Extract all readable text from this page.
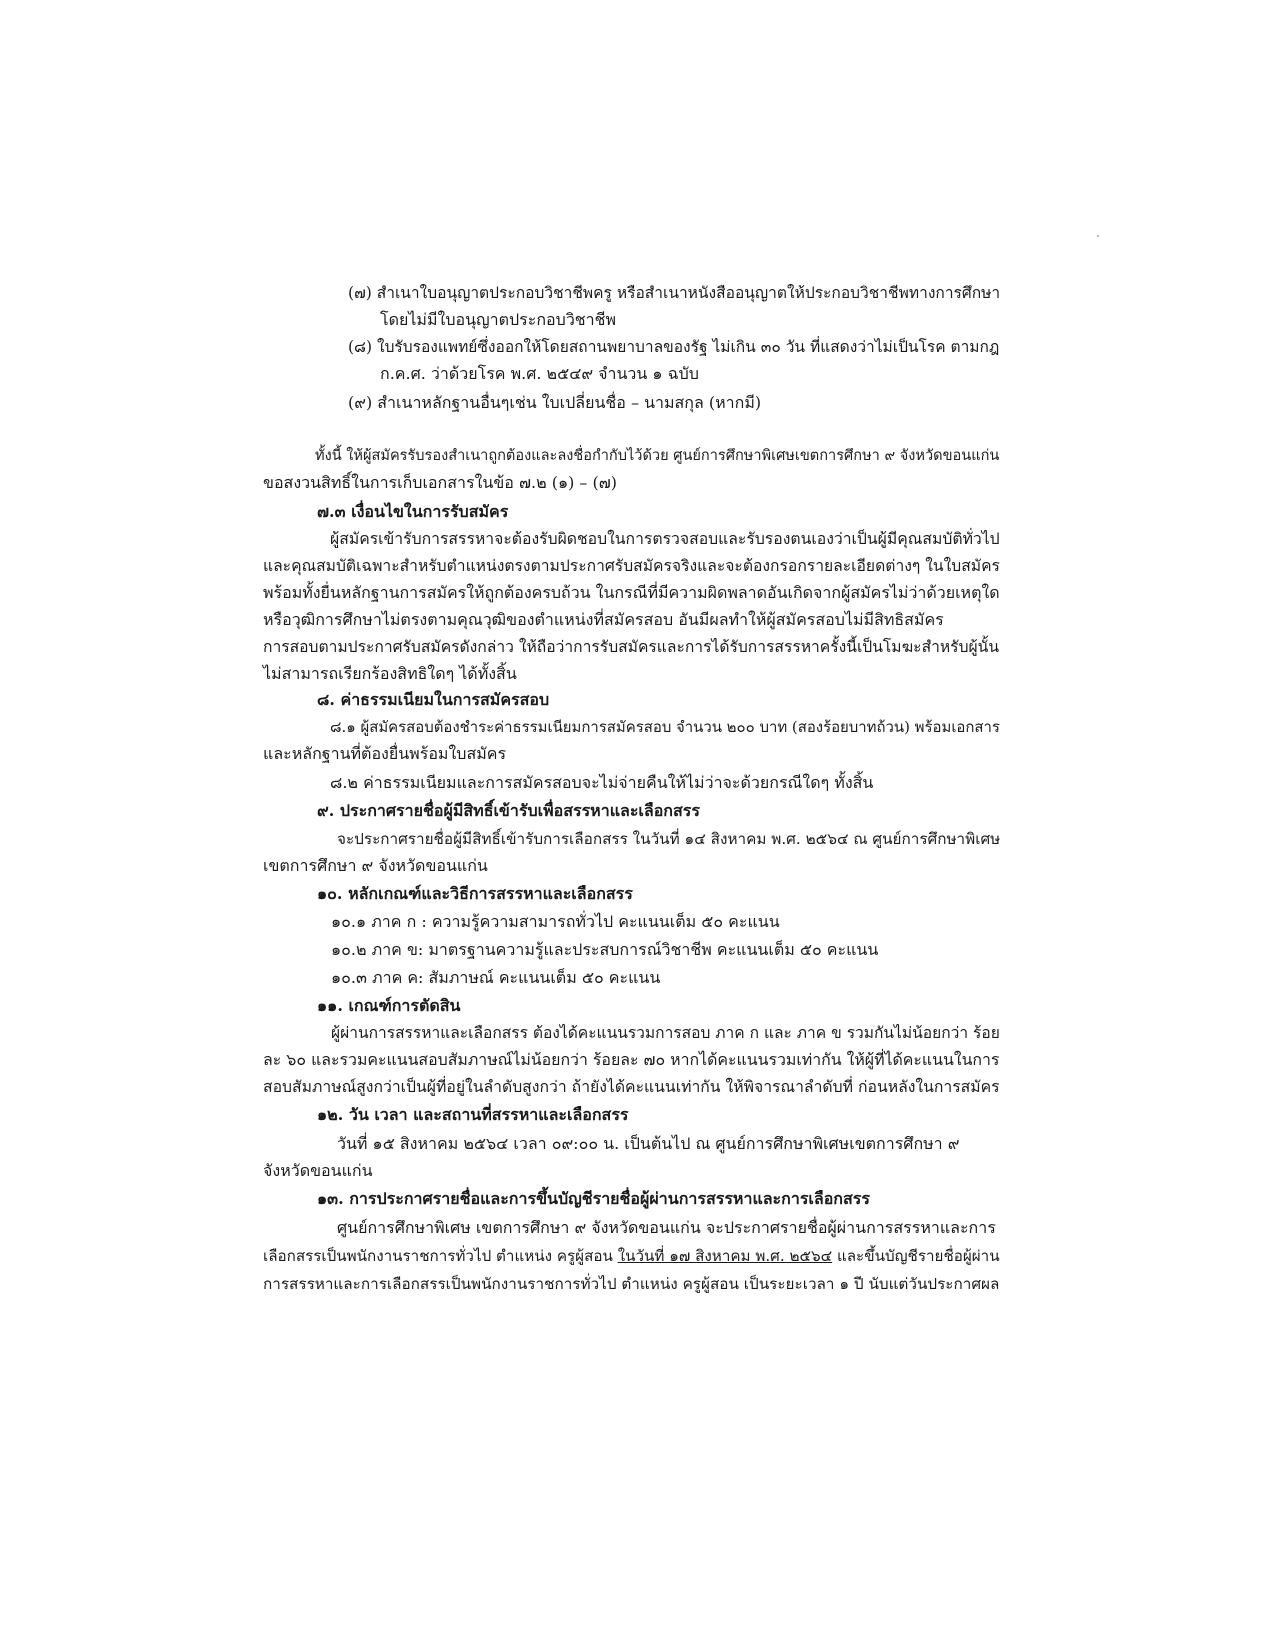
(๗) สำเนาใบอนุญาตประกอบวิชาชีพครู หรือสำเนาหนังสืออนุญาตให้ประกอบวิชาชีพทางการศึกษา
โดยไม่มีใบอนุญาตประกอบวิชาชีพ
(๘) ใบรับรองแพทย์ซึ่งออกให้โดยสถานพยาบาลของรัฐ ไม่เกิน ๓๐ วัน ที่แสดงว่าไม่เป็นโรค ตามกฎ
ก.ค.ศ. ว่าด้วยโรค พ.ศ. ๒๕๔๙ จำนวน ๑ ฉบับ
(๙) สำเนาหลักฐานอื่นๆเช่น ใบเปลี่ยนชื่อ – นามสกุล (หากมี)
ทั้งนี้ ให้ผู้สมัครรับรองสำเนาถูกต้องและลงชื่อกำกับไว้ด้วย ศูนย์การศึกษาพิเศษเขตการศึกษา ๙ จังหวัดขอนแก่น
ขอสงวนสิทธิ์ในการเก็บเอกสารในข้อ ๗.๒ (๑) – (๗)
๗.๓ เงื่อนไขในการรับสมัคร
ผู้สมัครเข้ารับการสรรหาจะต้องรับผิดชอบในการตรวจสอบและรับรองตนเองว่าเป็นผู้มีคุณสมบัติทั่วไป
และคุณสมบัติเฉพาะสำหรับตำแหน่งตรงตามประกาศรับสมัครจริงและจะต้องกรอกรายละเอียดต่างๆ ในใบสมัคร
พร้อมทั้งยื่นหลักฐานการสมัครให้ถูกต้องครบถ้วน ในกรณีที่มีความผิดพลาดอันเกิดจากผู้สมัครไม่ว่าด้วยเหตุใด
หรือวุฒิการศึกษาไม่ตรงตามคุณวุฒิของตำแหน่งที่สมัครสอบ อันมีผลทำให้ผู้สมัครสอบไม่มีสิทธิสมัคร
การสอบตามประกาศรับสมัครดังกล่าว ให้ถือว่าการรับสมัครและการได้รับการสรรหาครั้งนี้เป็นโมฆะสำหรับผู้นั้น
ไม่สามารถเรียกร้องสิทธิใดๆ ได้ทั้งสิ้น
๘. ค่าธรรมเนียมในการสมัครสอบ
๘.๑ ผู้สมัครสอบต้องชำระค่าธรรมเนียมการสมัครสอบ จำนวน ๒๐๐ บาท (สองร้อยบาทถ้วน) พร้อมเอกสาร
และหลักฐานที่ต้องยื่นพร้อมใบสมัคร
๘.๒ ค่าธรรมเนียมและการสมัครสอบจะไม่จ่ายคืนให้ไม่ว่าจะด้วยกรณีใดๆ ทั้งสิ้น
๙. ประกาศรายชื่อผู้มีสิทธิ์เข้ารับเพื่อสรรหาและเลือกสรร
จะประกาศรายชื่อผู้มีสิทธิ์เข้ารับการเลือกสรร ในวันที่ ๑๔ สิงหาคม พ.ศ. ๒๕๖๔ ณ ศูนย์การศึกษาพิเศษ
เขตการศึกษา ๙ จังหวัดขอนแก่น
๑๐. หลักเกณฑ์และวิธีการสรรหาและเลือกสรร
๑๐.๑ ภาค ก : ความรู้ความสามารถทั่วไป คะแนนเต็ม ๕๐ คะแนน
๑๐.๒ ภาค ข: มาตรฐานความรู้และประสบการณ์วิชาชีพ คะแนนเต็ม ๕๐ คะแนน
๑๐.๓ ภาค ค: สัมภาษณ์ คะแนนเต็ม ๕๐ คะแนน
๑๑. เกณฑ์การตัดสิน
ผู้ผ่านการสรรหาและเลือกสรร ต้องได้คะแนนรวมการสอบ ภาค ก และ ภาค ข รวมกันไม่น้อยกว่า ร้อย
ละ ๖๐ และรวมคะแนนสอบสัมภาษณ์ไม่น้อยกว่า ร้อยละ ๗๐ หากได้คะแนนรวมเท่ากัน ให้ผู้ที่ได้คะแนนในการ
สอบสัมภาษณ์สูงกว่าเป็นผู้ที่อยู่ในลำดับสูงกว่า ถ้ายังได้คะแนนเท่ากัน ให้พิจารณาลำดับที่ ก่อนหลังในการสมัคร
๑๒. วัน เวลา และสถานที่สรรหาและเลือกสรร
วันที่ ๑๕ สิงหาคม ๒๕๖๔ เวลา ๐๙:๐๐ น. เป็นต้นไป ณ ศูนย์การศึกษาพิเศษเขตการศึกษา ๙
จังหวัดขอนแก่น
๑๓. การประกาศรายชื่อและการขึ้นบัญชีรายชื่อผู้ผ่านการสรรหาและการเลือกสรร
ศูนย์การศึกษาพิเศษ เขตการศึกษา ๙ จังหวัดขอนแก่น จะประกาศรายชื่อผู้ผ่านการสรรหาและการ
เลือกสรรเป็นพนักงานราชการทั่วไป ตำแหน่ง ครูผู้สอน ในวันที่ ๑๗ สิงหาคม พ.ศ. ๒๕๖๔ และขึ้นบัญชีรายชื่อผู้ผ่าน
การสรรหาและการเลือกสรรเป็นพนักงานราชการทั่วไป ตำแหน่ง ครูผู้สอน เป็นระยะเวลา ๑ ปี นับแต่วันประกาศผล
